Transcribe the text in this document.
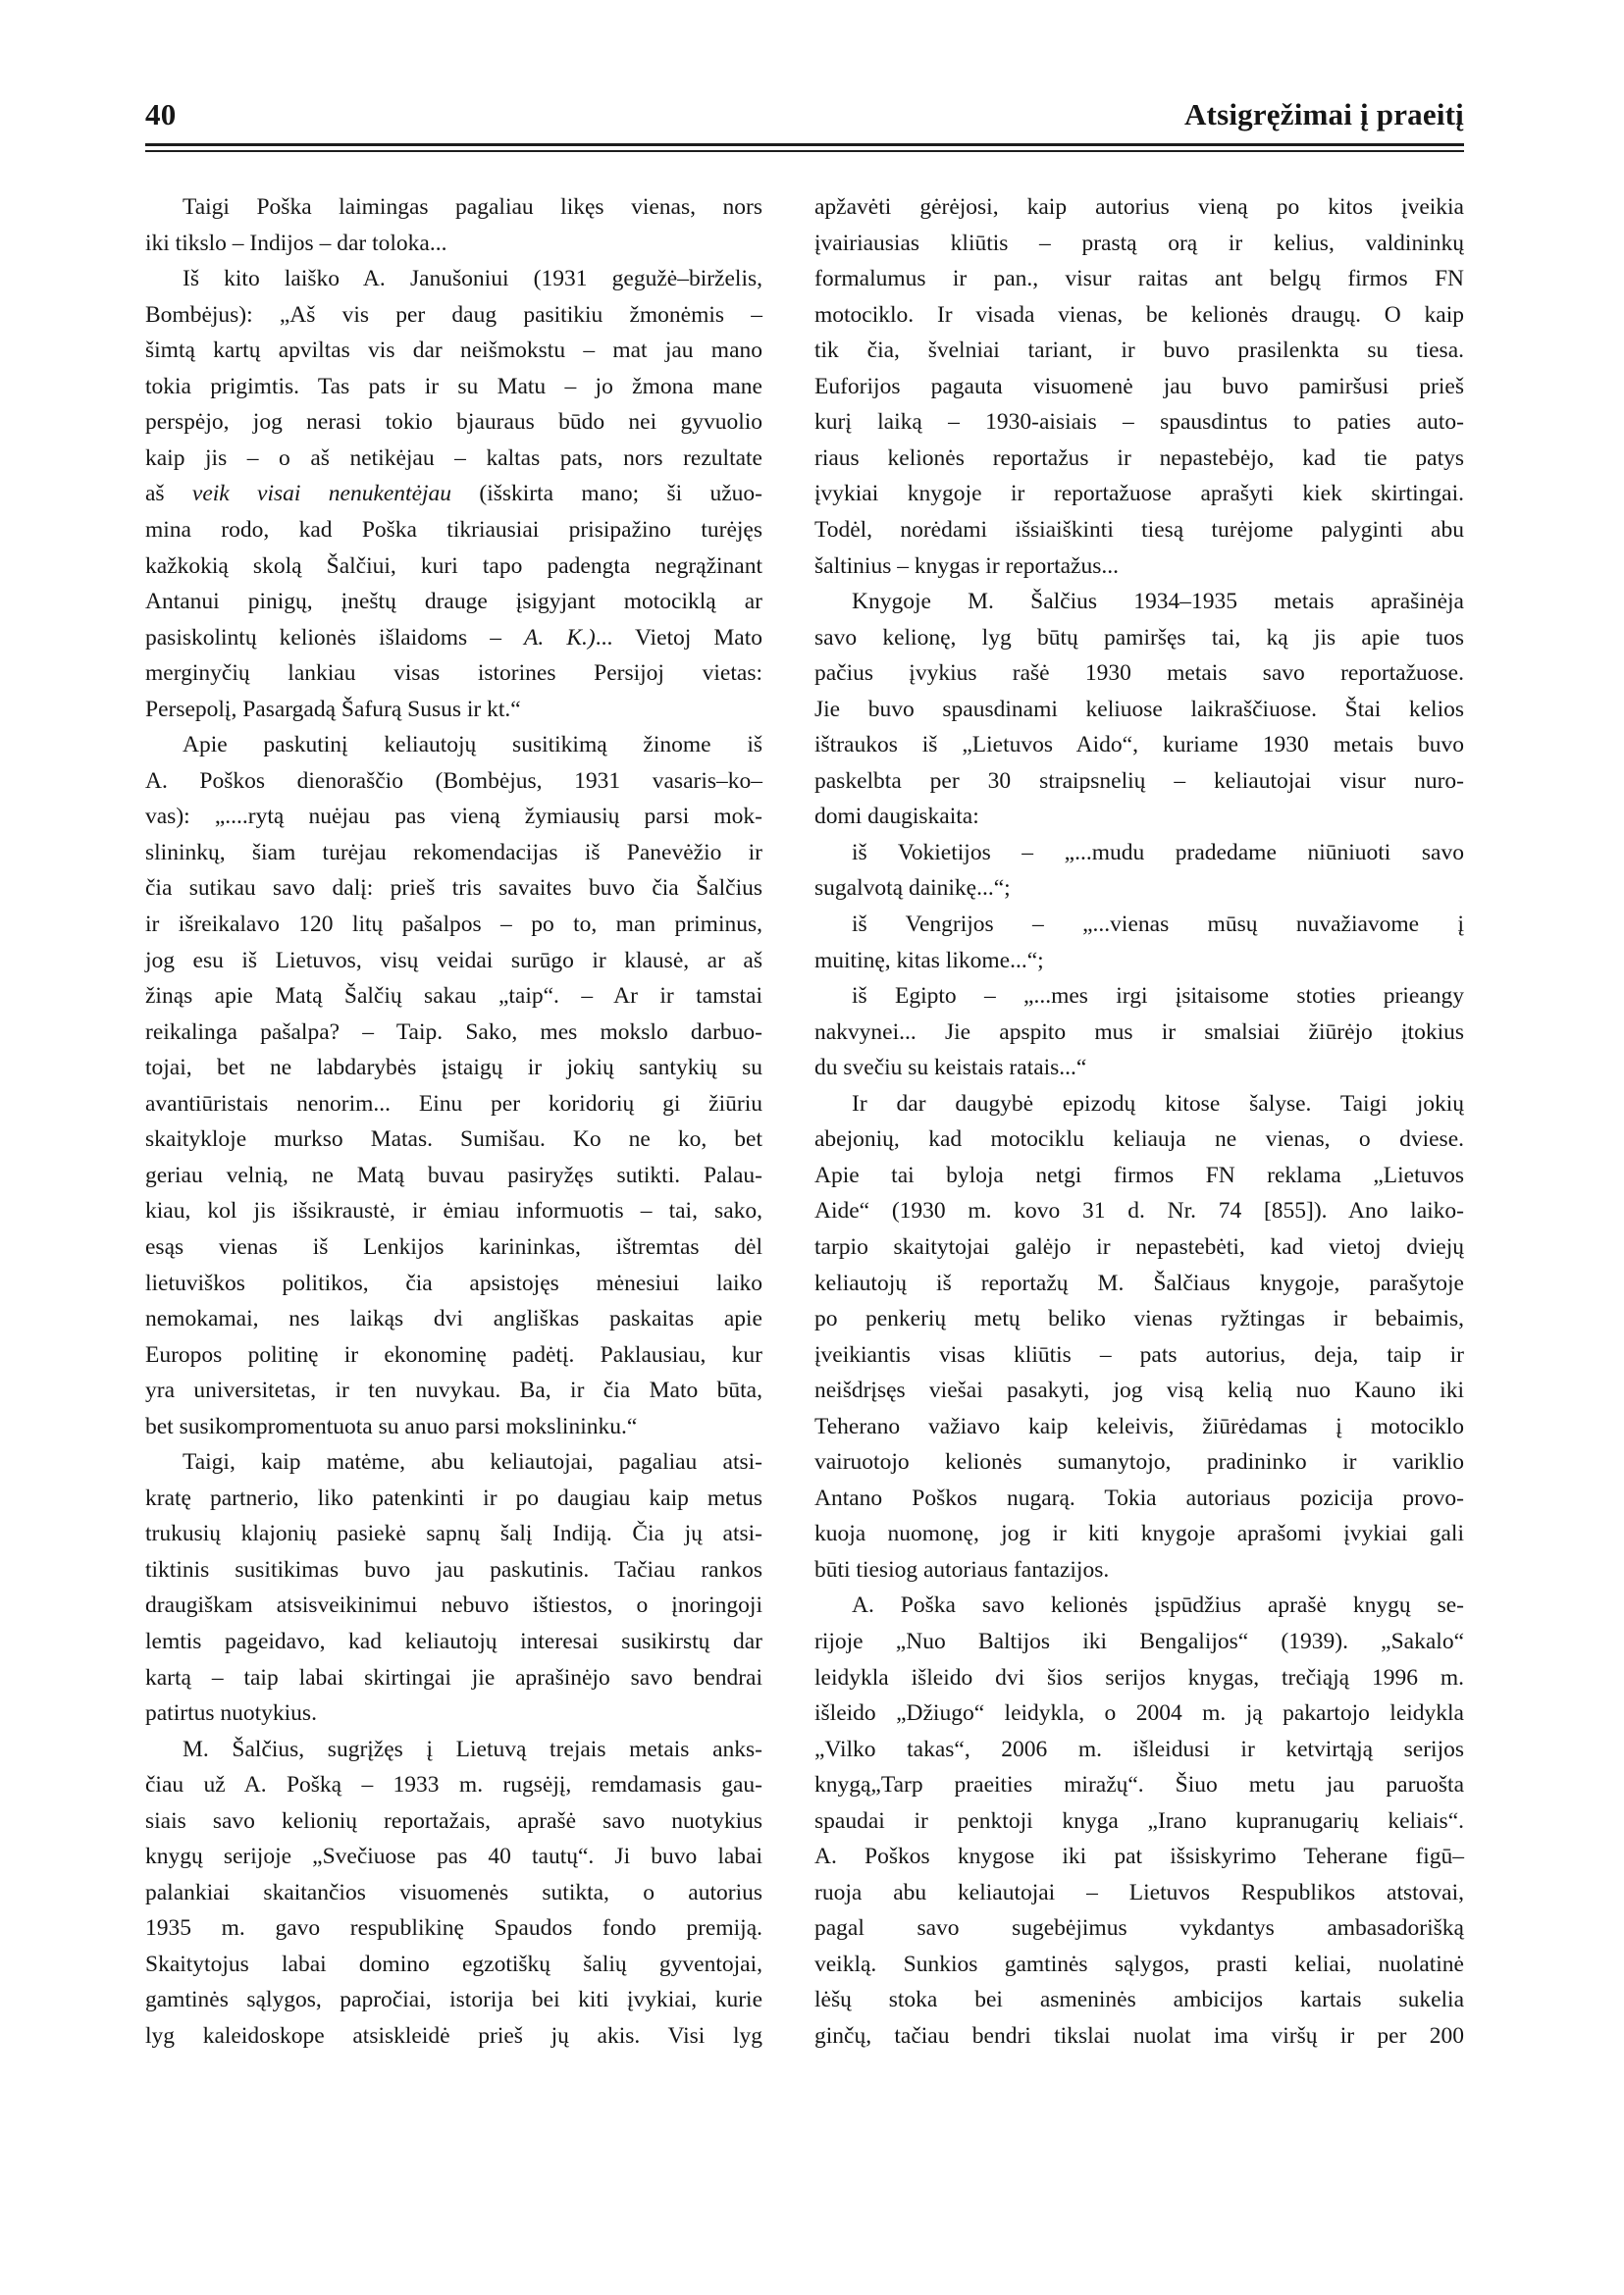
40	Atsigręžimai į praeitį
Taigi Poška laimingas pagaliau likęs vienas, nors
iki tikslo – Indijos – dar toloka...
Iš kito laiško A. Janušoniui (1931 gegužė–birželis,
Bombėjus): „Aš vis per daug pasitikiu žmonėmis –
šimtą kartų apviltas vis dar neišmokstu – mat jau mano
tokia prigimtis. Tas pats ir su Matu – jo žmona mane
perspėjo, jog nerasi tokio bjauraus būdo nei gyvuolio
kaip jis – o aš netikėjau – kaltas pats, nors rezultate
aš veik visai nenukentėjau (išskirta mano; ši užuo-
mina rodo, kad Poška tikriausiai prisipažino turėjęs
kažkokią skolą Šalčiui, kuri tapo padengta negrąžinant
Antanui pinigų, įneštų drauge įsigyjant motociklą ar
pasiskolintų kelionės išlaidoms – A. K.)... Vietoj Mato
merginyčių lankiau visas istorines Persijoj vietas:
Persepolį, Pasargadą Šafurą Susus ir kt.“
Apie paskutinį keliautojų susitikimą žinome iš
A. Poškos dienoraščio (Bombėjus, 1931 vasaris–ko–
vas): „....rytą nuėjau pas vieną žymiausių parsi mok-
slininkų, šiam turėjau rekomendacijas iš Panevėžio ir
čia sutikau savo dalį: prieš tris savaites buvo čia Šalčius
ir išreikalavo 120 litų pašalpos – po to, man priminus,
jog esu iš Lietuvos, visų veidai surūgo ir klausė, ar aš
žinąs apie Matą Šalčių sakau „taip“. – Ar ir tamstai
reikalinga pašalpa? – Taip. Sako, mes mokslo darbuo-
tojai, bet ne labdarybės įstaigų ir jokių santykių su
avantiūristais nenorim... Einu per koridorių gi žiūriu
skaitykloje murkso Matas. Sumišau. Ko ne ko, bet
geriau velnią, ne Matą buvau pasiryžęs sutikti. Palau-
kiau, kol jis išsikraustė, ir ėmiau informuotis – tai, sako,
esąs vienas iš Lenkijos karininkas, ištremtas dėl
lietuviškos politikos, čia apsistojęs mėnesiui laiko
nemokamai, nes laikąs dvi angliškas paskaitas apie
Europos politinę ir ekonominę padėtį. Paklausiau, kur
yra universitetas, ir ten nuvykau. Ba, ir čia Mato būta,
bet susikompromentuota su anuo parsi mokslininku.“
Taigi, kaip matėme, abu keliautojai, pagaliau atsi-
kratę partnerio, liko patenkinti ir po daugiau kaip metus
trukusių klajonių pasiekė sapnų šalį Indiją. Čia jų atsi-
tiktinis susitikimas buvo jau paskutinis. Tačiau rankos
draugiškam atsisveikinimui nebuvo ištiestos, o įnoringoji
lemtis pageidavo, kad keliautojų interesai susikirstų dar
kartą – taip labai skirtingai jie aprašinėjo savo bendrai
patirtus nuotykius.
M. Šalčius, sugrįžęs į Lietuvą trejais metais anks-
čiau už A. Pošką – 1933 m. rugsėjį, remdamasis gau-
siais savo kelionių reportažais, aprašė savo nuotykius
knygų serijoje „Svečiuose pas 40 tautų“. Ji buvo labai
palankiai skaitančios visuomenės sutikta, o autorius
1935 m. gavo respublikinę Spaudos fondo premiją.
Skaitytojus labai domino egzotiškų šalių gyventojai,
gamtinės sąlygos, papročiai, istorija bei kiti įvykiai, kurie
lyg kaleidoskope atsiskleidė prieš jų akis. Visi lyg
apžavėti gėrėjosi, kaip autorius vieną po kitos įveikia
įvairiausias kliūtis – prastą orą ir kelius, valdininkų
formalumus ir pan., visur raitas ant belgų firmos FN
motociklo. Ir visada vienas, be kelionės draugų. O kaip
tik čia, švelniai tariant, ir buvo prasilenkta su tiesa.
Euforijos pagauta visuomenė jau buvo pamiršusi prieš
kurį laiką – 1930-aisiais – spausdintus to paties auto-
riaus kelionės reportažus ir nepastebėjo, kad tie patys
įvykiai knygoje ir reportažuose aprašyti kiek skirtingai.
Todėl, norėdami išsiaiškinti tiesą turėjome palyginti abu
šaltinius – knygas ir reportažus...
Knygoje M. Šalčius 1934–1935 metais aprašinėja
savo kelionę, lyg būtų pamiršęs tai, ką jis apie tuos
pačius įvykius rašė 1930 metais savo reportažuose.
Jie buvo spausdinami keliuose laikraščiuose. Štai kelios
ištraukos iš „Lietuvos Aido“, kuriame 1930 metais buvo
paskelbta per 30 straipsnelių – keliautojai visur nuro-
domi daugiskaita:
iš Vokietijos – „...mudu pradedame niūniuoti savo
sugalvotą dainikę...“;
iš Vengrijos – „...vienas mūsų nuvažiavome į
muitinę, kitas likome...“;
iš Egipto – „...mes irgi įsitaisome stoties prieangy
nakvynei... Jie apspito mus ir smalsiai žiūrėjo įtokius
du svečiu su keistais ratais...“
Ir dar daugybė epizodų kitose šalyse. Taigi jokių
abejonių, kad motociklu keliauja ne vienas, o dviese.
Apie tai byloja netgi firmos FN reklama „Lietuvos
Aide“ (1930 m. kovo 31 d. Nr. 74 [855]). Ano laiko-
tarpio skaitytojai galėjo ir nepastebėti, kad vietoj dviejų
keliautojų iš reportažų M. Šalčiaus knygoje, parašytoje
po penkerių metų beliko vienas ryžtingas ir bebaimis,
įveikiantis visas kliūtis – pats autorius, deja, taip ir
neišdrįsęs viešai pasakyti, jog visą kelią nuo Kauno iki
Teherano važiavo kaip keleivis, žiūrėdamas į motociklo
vairuotojo kelionės sumanytojo, pradininko ir variklio
Antano Poškos nugarą. Tokia autoriaus pozicija provo-
kuoja nuomonę, jog ir kiti knygoje aprašomi įvykiai gali
būti tiesiog autoriaus fantazijos.
A. Poška savo kelionės įspūdžius aprašė knygų se-
rijoje „Nuo Baltijos iki Bengalijos“ (1939). „Sakalo“
leidykla išleido dvi šios serijos knygas, trečiąją 1996 m.
išleido „Džiugo“ leidykla, o 2004 m. ją pakartojo leidykla
„Vilko takas“, 2006 m. išleidusi ir ketvirtąją serijos
knygą„Tarp praeities miražų“. Šiuo metu jau paruošta
spaudai ir penktoji knyga „Irano kupranugarių keliais“.
A. Poškos knygose iki pat išsiskyrimo Teherane figū–
ruoja abu keliautojai – Lietuvos Respublikos atstovai,
pagal savo sugebėjimus vykdantys ambasadorišką
veiklą. Sunkios gamtinės sąlygos, prasti keliai, nuolatinė
lėšų stoka bei asmeninės ambicijos kartais sukelia
ginčų, tačiau bendri tikslai nuolat ima viršų ir per 200
